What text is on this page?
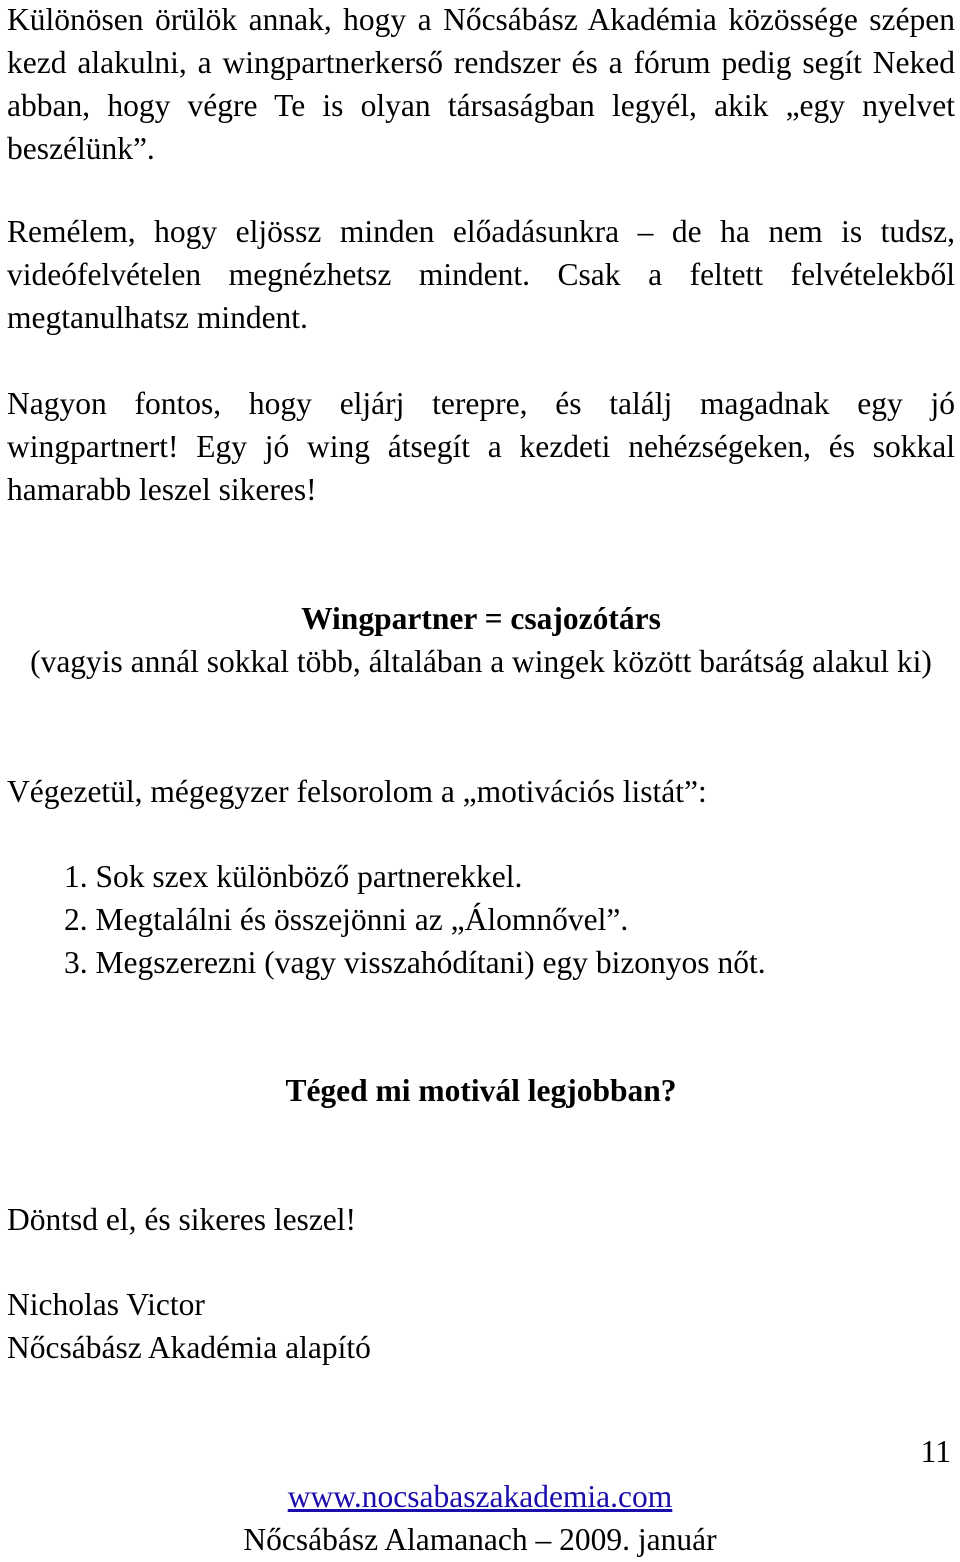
Különösen örülök annak, hogy a Nőcsábász Akadémia közössége szépen kezd alakulni, a wingpartnerkerső rendszer és a fórum pedig segít Neked abban, hogy végre Te is olyan társaságban legyél, akik „egy nyelvet beszélünk”.

Remélem, hogy eljössz minden előadásunkra – de ha nem is tudsz, videófelvételen megnézhetsz mindent. Csak a feltett felvételekből megtanulhatsz mindent.

Nagyon fontos, hogy eljárj terepre, és találj magadnak egy jó wingpartnert! Egy jó wing átsegít a kezdeti nehézségeken, és sokkal hamarabb leszel sikeres!

Wingpartner = csajozótárs
(vagyis annál sokkal több, általában a wingek között barátság alakul ki)

Végezetül, mégegyzer felsorolom a „motivációs listát”:

1. Sok szex különböző partnerekkel.
2. Megtalálni és összejönni az „Álomnővel”.
3. Megszerezni (vagy visszahódítani) egy bizonyos nőt.

Téged mi motivál legjobban?

Döntsd el, és sikeres leszel!

Nicholas Victor
Nőcsábász Akadémia alapító

11
www.nocsabaszakademia.com
Nőcsábász Alamanach – 2009. január
